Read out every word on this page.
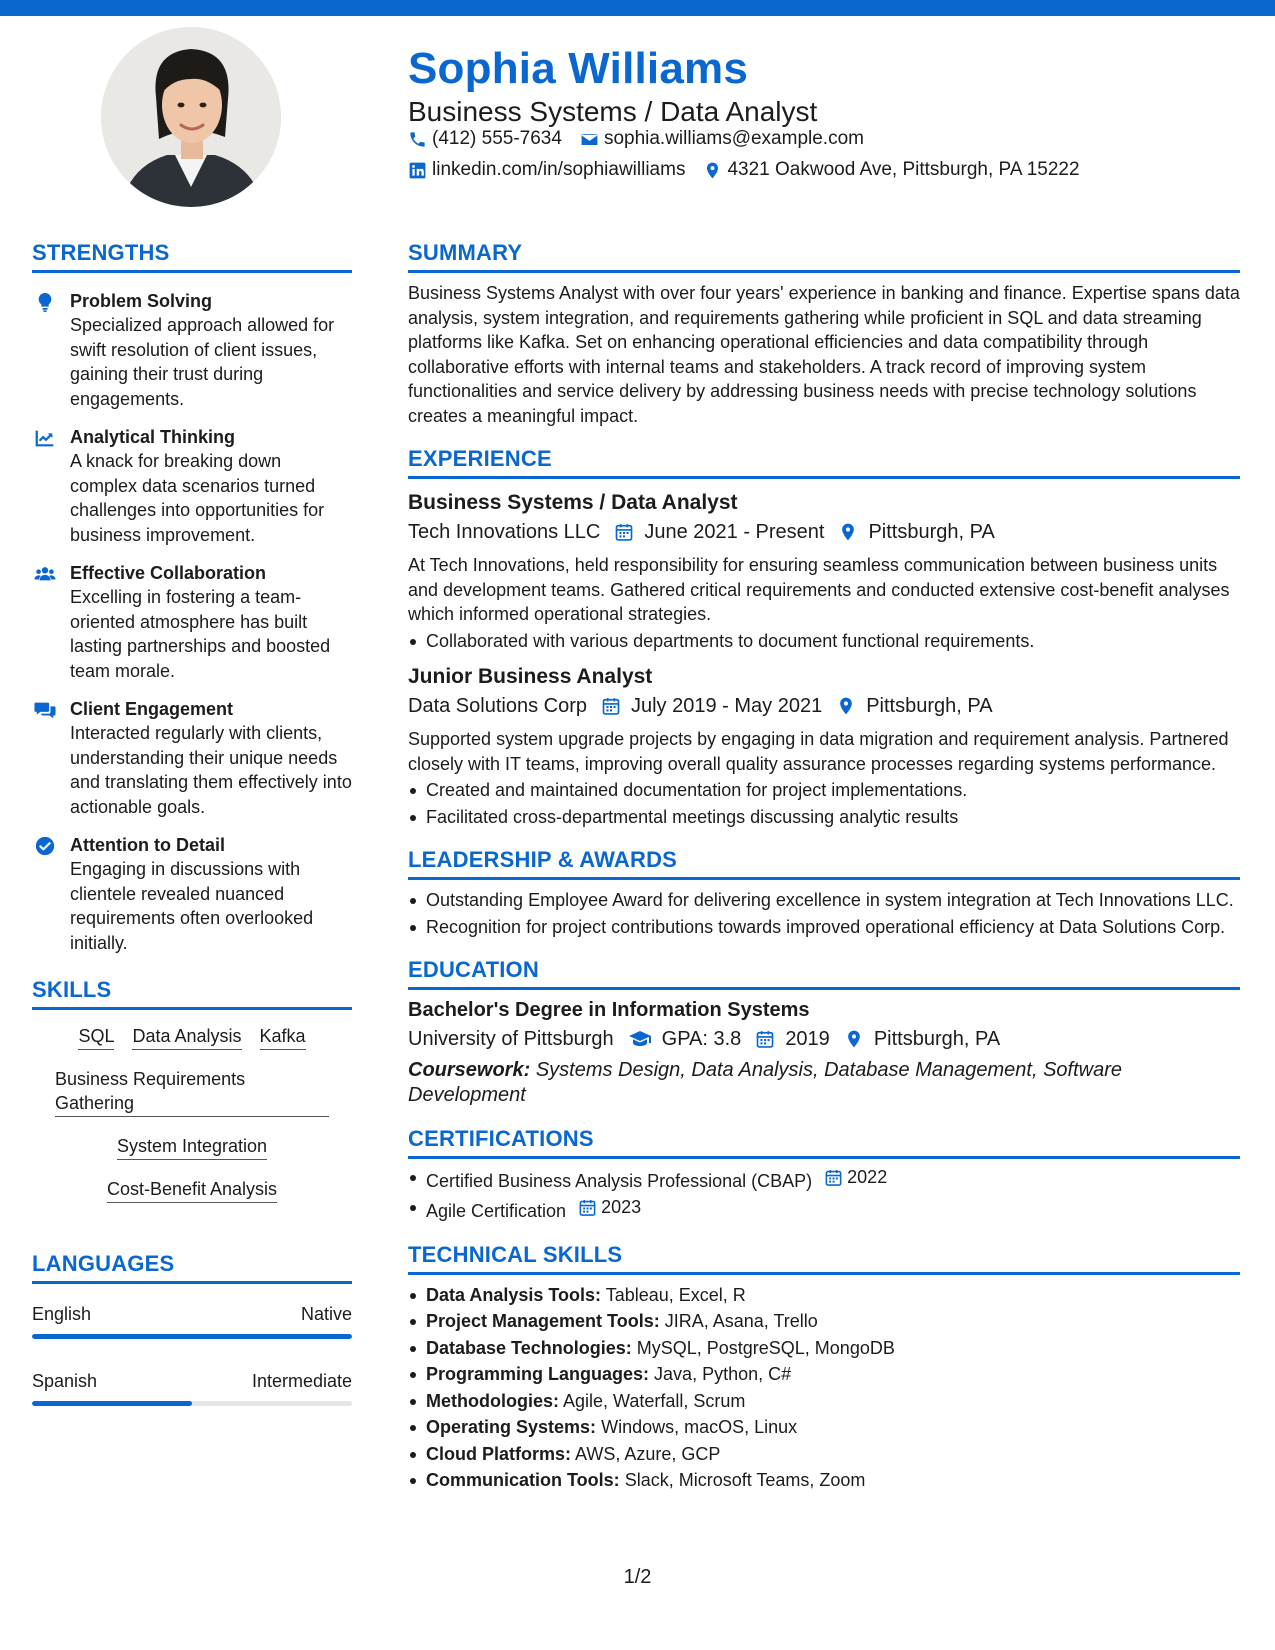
Sophia Williams
Business Systems / Data Analyst
(412) 555-7634 sophia.williams@example.com
linkedin.com/in/sophiawilliams 4321 Oakwood Ave, Pittsburgh, PA 15222
STRENGTHS
Problem Solving
Specialized approach allowed for swift resolution of client issues, gaining their trust during engagements.
Analytical Thinking
A knack for breaking down complex data scenarios turned challenges into opportunities for business improvement.
Effective Collaboration
Excelling in fostering a team-oriented atmosphere has built lasting partnerships and boosted team morale.
Client Engagement
Interacted regularly with clients, understanding their unique needs and translating them effectively into actionable goals.
Attention to Detail
Engaging in discussions with clientele revealed nuanced requirements often overlooked initially.
SKILLS
SQL Data Analysis Kafka
Business Requirements Gathering
System Integration
Cost-Benefit Analysis
LANGUAGES
English	Native
Spanish	Intermediate
SUMMARY
Business Systems Analyst with over four years' experience in banking and finance. Expertise spans data analysis, system integration, and requirements gathering while proficient in SQL and data streaming platforms like Kafka. Set on enhancing operational efficiencies and data compatibility through collaborative efforts with internal teams and stakeholders. A track record of improving system functionalities and service delivery by addressing business needs with precise technology solutions creates a meaningful impact.
EXPERIENCE
Business Systems / Data Analyst
Tech Innovations LLC June 2021 - Present Pittsburgh, PA
At Tech Innovations, held responsibility for ensuring seamless communication between business units and development teams. Gathered critical requirements and conducted extensive cost-benefit analyses which informed operational strategies.
Collaborated with various departments to document functional requirements.
Junior Business Analyst
Data Solutions Corp July 2019 - May 2021 Pittsburgh, PA
Supported system upgrade projects by engaging in data migration and requirement analysis. Partnered closely with IT teams, improving overall quality assurance processes regarding systems performance.
Created and maintained documentation for project implementations.
Facilitated cross-departmental meetings discussing analytic results
LEADERSHIP & AWARDS
Outstanding Employee Award for delivering excellence in system integration at Tech Innovations LLC.
Recognition for project contributions towards improved operational efficiency at Data Solutions Corp.
EDUCATION
Bachelor's Degree in Information Systems
University of Pittsburgh GPA: 3.8 2019 Pittsburgh, PA
Coursework: Systems Design, Data Analysis, Database Management, Software Development
CERTIFICATIONS
Certified Business Analysis Professional (CBAP) 2022
Agile Certification 2023
TECHNICAL SKILLS
Data Analysis Tools: Tableau, Excel, R
Project Management Tools: JIRA, Asana, Trello
Database Technologies: MySQL, PostgreSQL, MongoDB
Programming Languages: Java, Python, C#
Methodologies: Agile, Waterfall, Scrum
Operating Systems: Windows, macOS, Linux
Cloud Platforms: AWS, Azure, GCP
Communication Tools: Slack, Microsoft Teams, Zoom
1/2
